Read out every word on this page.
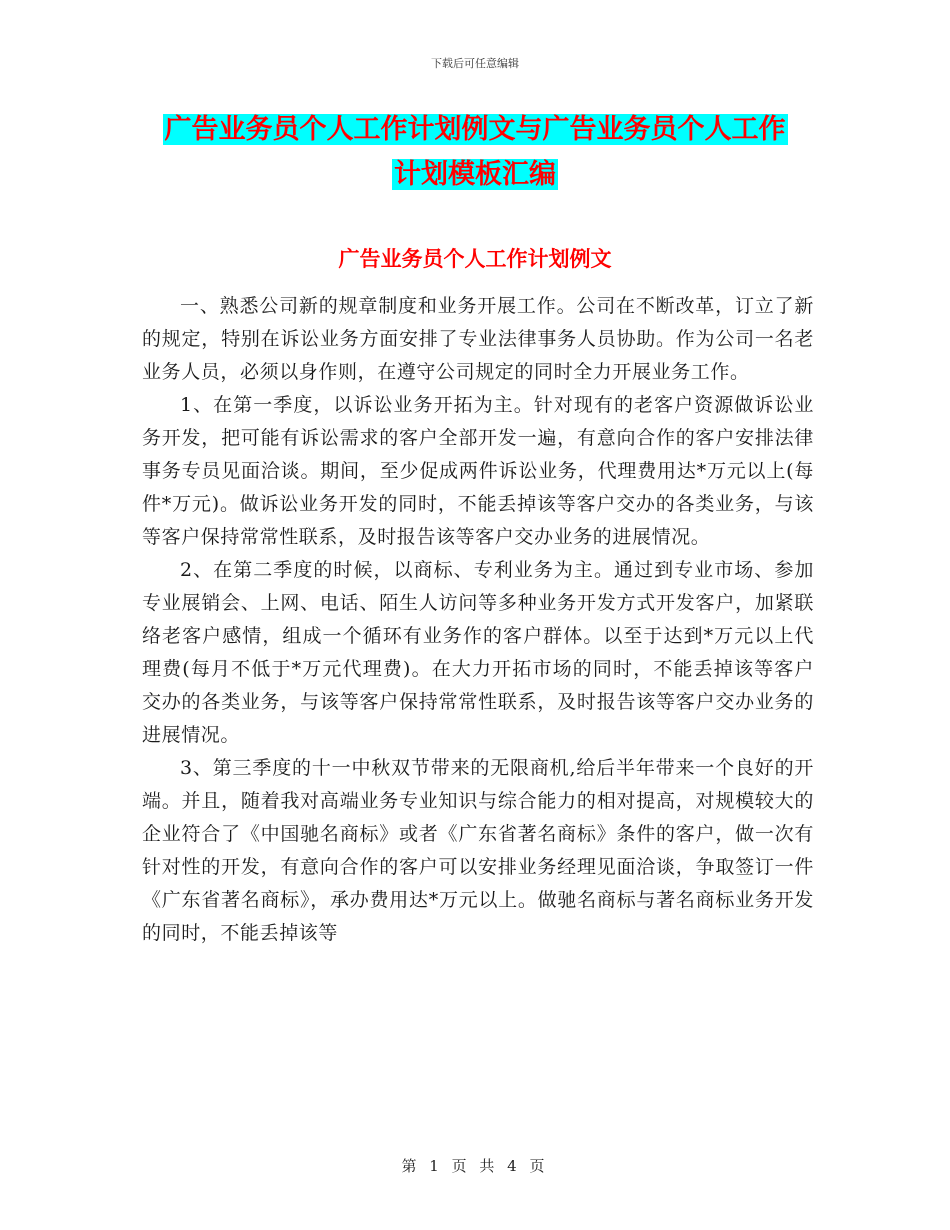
下载后可任意编辑
广告业务员个人工作计划例文与广告业务员个人工作
计划模板汇编
广告业务员个人工作计划例文

一、熟悉公司新的规章制度和业务开展工作。公司在不断改革，订立了新的规定，特别在诉讼业务方面安排了专业法律事务人员协助。作为公司一名老业务人员，必须以身作则，在遵守公司规定的同时全力开展业务工作。

1、在第一季度，以诉讼业务开拓为主。针对现有的老客户资源做诉讼业务开发，把可能有诉讼需求的客户全部开发一遍，有意向合作的客户安排法律事务专员见面洽谈。期间，至少促成两件诉讼业务，代理费用达*万元以上(每件*万元)。做诉讼业务开发的同时，不能丢掉该等客户交办的各类业务，与该等客户保持常常性联系，及时报告该等客户交办业务的进展情况。

2、在第二季度的时候，以商标、专利业务为主。通过到专业市场、参加专业展销会、上网、电话、陌生人访问等多种业务开发方式开发客户，加紧联络老客户感情，组成一个循环有业务作的客户群体。以至于达到*万元以上代理费(每月不低于*万元代理费)。在大力开拓市场的同时，不能丢掉该等客户交办的各类业务，与该等客户保持常常性联系，及时报告该等客户交办业务的进展情况。

3、第三季度的十一中秋双节带来的无限商机,给后半年带来一个良好的开端。并且，随着我对高端业务专业知识与综合能力的相对提高，对规模较大的企业符合了《中国驰名商标》或者《广东省著名商标》条件的客户，做一次有针对性的开发，有意向合作的客户可以安排业务经理见面洽谈，争取签订一件《广东省著名商标》，承办费用达*万元以上。做驰名商标与著名商标业务开发的同时，不能丢掉该等

第 1 页 共 4 页
